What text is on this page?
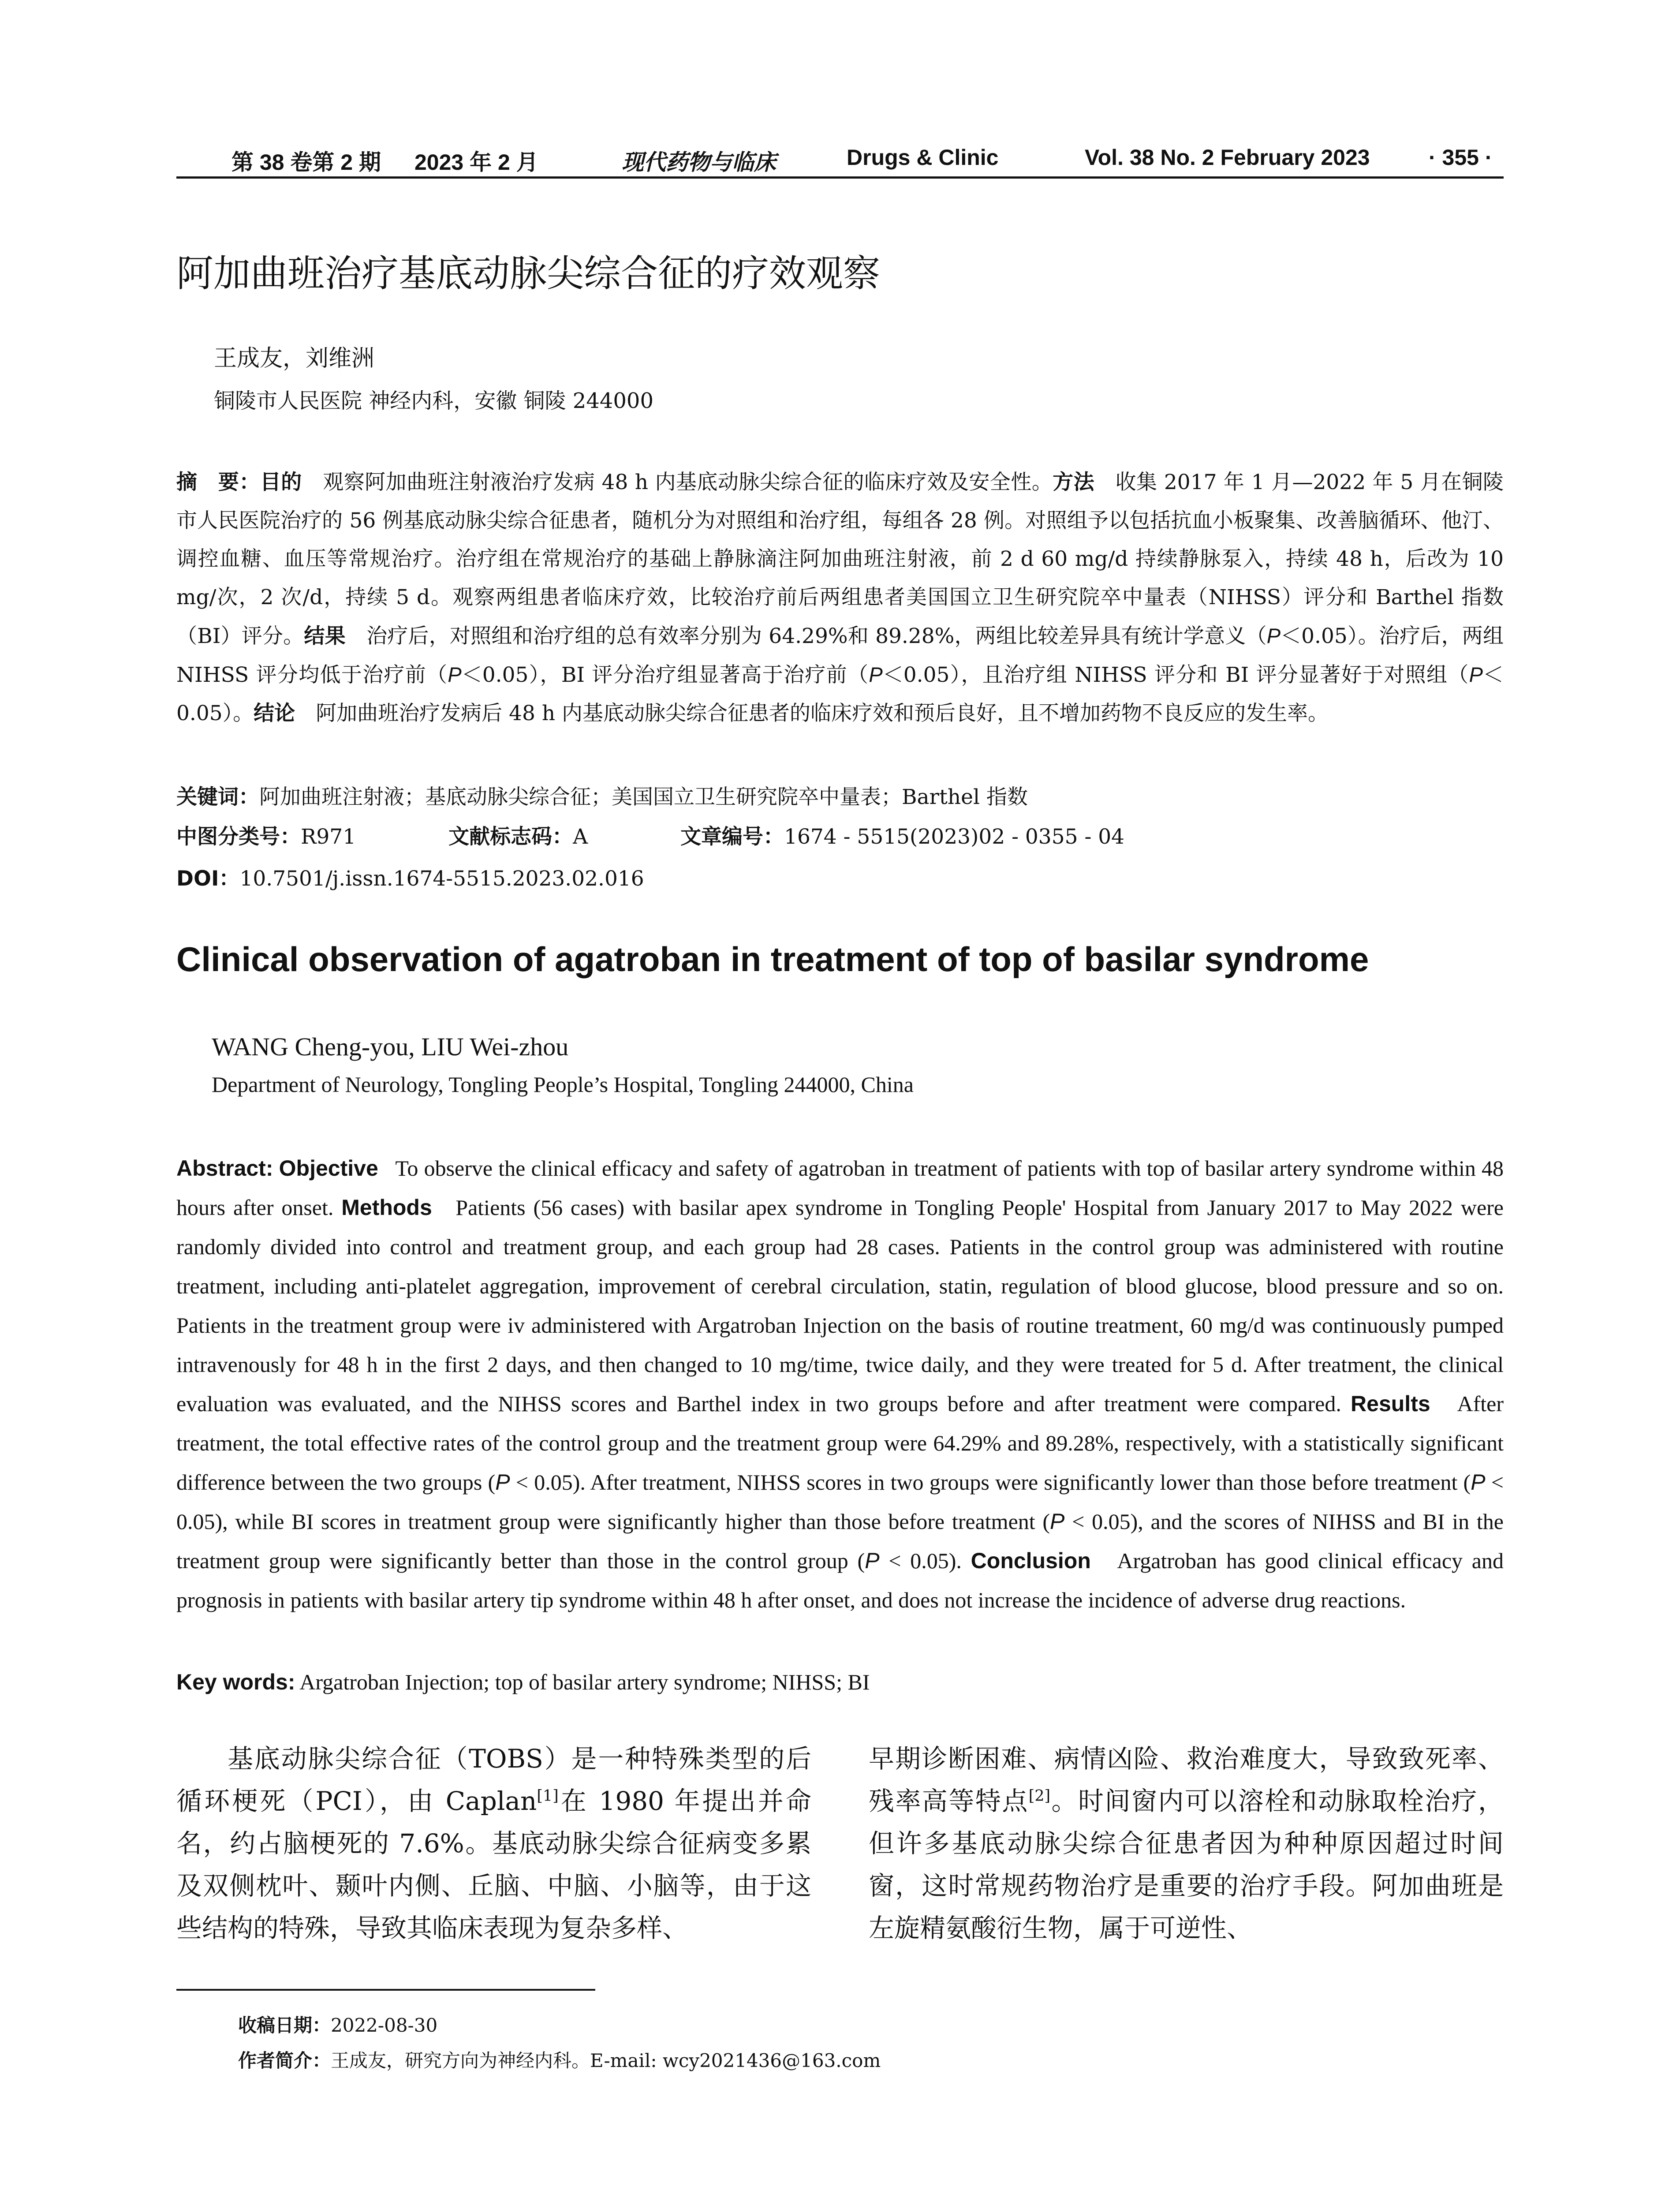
第 38 卷第 2 期 2023 年 2 月	现代药物与临床	Drugs & Clinic	Vol. 38 No. 2 February 2023	· 355 ·
阿加曲班治疗基底动脉尖综合征的疗效观察
王成友，刘维洲
铜陵市人民医院 神经内科，安徽 铜陵 244000
摘　要：目的　 观察阿加曲班注射液治疗发病 48 h 内基底动脉尖综合征的临床疗效及安全性。方法　 收集 2017 年 1 月—2022 年 5 月在铜陵市人民医院治疗的 56 例基底动脉尖综合征患者，随机分为对照组和治疗组，每组各 28 例。对照组予以包括抗血小板聚集、改善脑循环、他汀、调控血糖、血压等常规治疗。治疗组在常规治疗的基础上静脉滴注阿加曲班注射液，前 2 d 60 mg/d 持续静脉泵入，持续 48 h，后改为 10 mg/次，2 次/d，持续 5 d。观察两组患者临床疗效，比较治疗前后两组患者美国国立卫生研究院卒中量表（NIHSS）评分和 Barthel 指数（BI）评分。结果　 治疗后，对照组和治疗组的总有效率分别为 64.29%和 89.28%，两组比较差异具有统计学意义（P＜0.05）。治疗后，两组 NIHSS 评分均低于治疗前（P＜0.05），BI 评分治疗组显著高于治疗前（P＜0.05），且治疗组 NIHSS 评分和 BI 评分显著好于对照组（P＜0.05）。结论　 阿加曲班治疗发病后 48 h 内基底动脉尖综合征患者的临床疗效和预后良好，且不增加药物不良反应的发生率。
关键词：阿加曲班注射液；基底动脉尖综合征；美国国立卫生研究院卒中量表；Barthel 指数
中图分类号：R971	文献标志码：A	文章编号：1674 - 5515(2023)02 - 0355 - 04
DOI：10.7501/j.issn.1674-5515.2023.02.016
Clinical observation of agatroban in treatment of top of basilar syndrome
WANG Cheng-you, LIU Wei-zhou
Department of Neurology, Tongling People’s Hospital, Tongling 244000, China
Abstract: Objective To observe the clinical efficacy and safety of agatroban in treatment of patients with top of basilar artery syndrome within 48 hours after onset. Methods Patients (56 cases) with basilar apex syndrome in Tongling People' Hospital from January 2017 to May 2022 were randomly divided into control and treatment group, and each group had 28 cases. Patients in the control group was administered with routine treatment, including anti-platelet aggregation, improvement of cerebral circulation, statin, regulation of blood glucose, blood pressure and so on. Patients in the treatment group were iv administered with Argatroban Injection on the basis of routine treatment, 60 mg/d was continuously pumped intravenously for 48 h in the first 2 days, and then changed to 10 mg/time, twice daily, and they were treated for 5 d. After treatment, the clinical evaluation was evaluated, and the NIHSS scores and Barthel index in two groups before and after treatment were compared. Results After treatment, the total effective rates of the control group and the treatment group were 64.29% and 89.28%, respectively, with a statistically significant difference between the two groups (P < 0.05). After treatment, NIHSS scores in two groups were significantly lower than those before treatment (P < 0.05), while BI scores in treatment group were significantly higher than those before treatment (P < 0.05), and the scores of NIHSS and BI in the treatment group were significantly better than those in the control group (P < 0.05). Conclusion Argatroban has good clinical efficacy and prognosis in patients with basilar artery tip syndrome within 48 h after onset, and does not increase the incidence of adverse drug reactions.
Key words: Argatroban Injection; top of basilar artery syndrome; NIHSS; BI
基底动脉尖综合征（TOBS）是一种特殊类型的后循环梗死（PCI），由 Caplan[1]在 1980 年提出并命名，约占脑梗死的 7.6%。基底动脉尖综合征病变多累及双侧枕叶、颞叶内侧、丘脑、中脑、小脑等，由于这些结构的特殊，导致其临床表现为复杂多样、
早期诊断困难、病情凶险、救治难度大，导致致死率、残率高等特点[2]。时间窗内可以溶栓和动脉取栓治疗，但许多基底动脉尖综合征患者因为种种原因超过时间窗，这时常规药物治疗是重要的治疗手段。阿加曲班是左旋精氨酸衍生物，属于可逆性、
收稿日期：2022-08-30
作者简介：王成友，研究方向为神经内科。E-mail: wcy2021436@163.com
